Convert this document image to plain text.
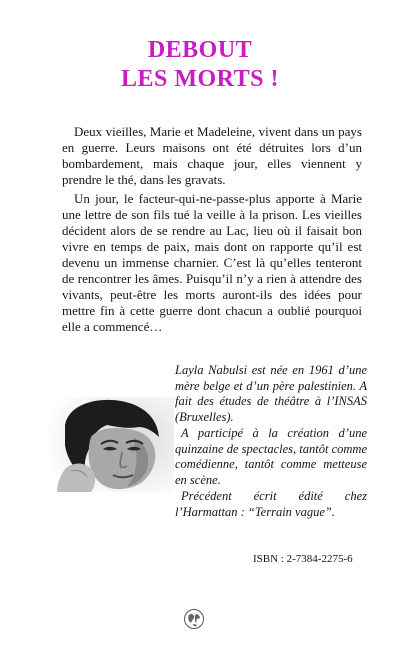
DEBOUT
LES MORTS !

Deux vieilles, Marie et Madeleine, vivent dans un pays en guerre. Leurs maisons ont été détruites lors d’un bombardement, mais chaque jour, elles viennent y prendre le thé, dans les gravats.

Un jour, le facteur-qui-ne-passe-plus apporte à Marie une lettre de son fils tué la veille à la prison. Les vieilles décident alors de se rendre au Lac, lieu où il faisait bon vivre en temps de paix, mais dont on rapporte qu’il est devenu un immense charnier. C’est là qu’elles tenteront de rencontrer les âmes. Puisqu’il n’y a rien à attendre des vivants, peut-être les morts auront-ils des idées pour mettre fin à cette guerre dont chacun a oublié pourquoi elle a commencé…

Layla Nabulsi est née en 1961 d’une mère belge et d’un père palestinien. A fait des études de théâtre à l’INSAS (Bruxelles).

A participé à la création d’une quinzaine de spectacles, tantôt comme comédienne, tantôt comme metteuse en scène.

Précédent écrit édité chez l’Harmattan : “Terrain vague”.

ISBN : 2-7384-2275-6
